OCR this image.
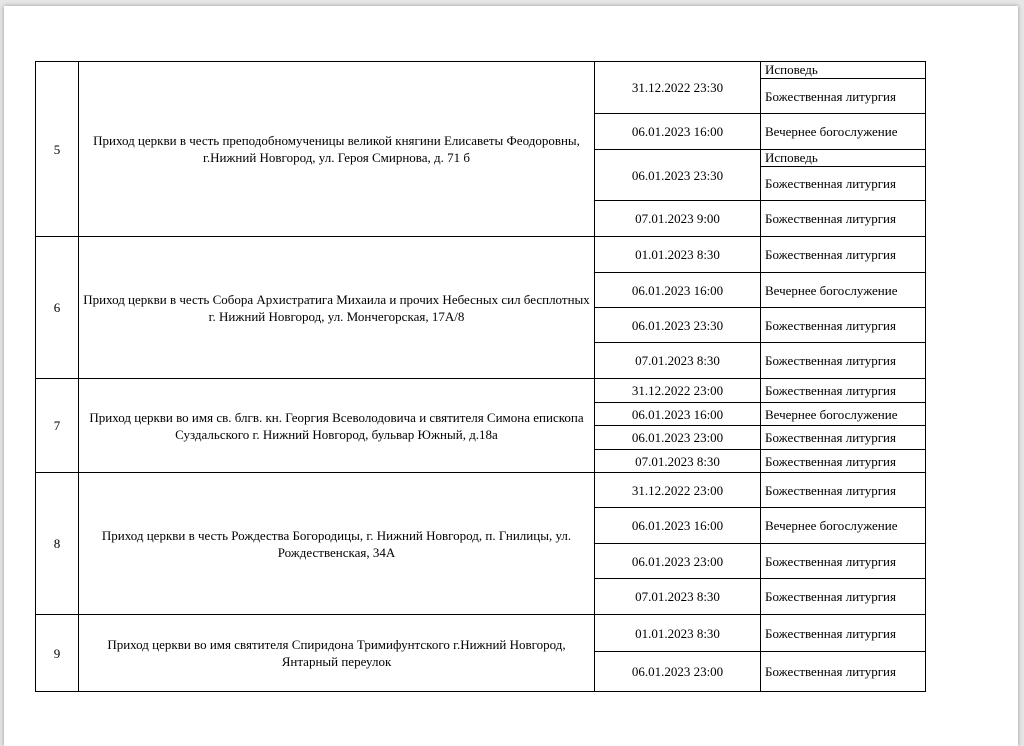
5	Приход церкви в честь преподобномученицы великой княгини Елисаветы Феодоровны, г.Нижний Новгород, ул. Героя Смирнова, д. 71 б	31.12.2022 23:30	Исповедь
			Божественная литургия
		06.01.2023 16:00	Вечернее богослужение
		06.01.2023 23:30	Исповедь
			Божественная литургия
		07.01.2023 9:00	Божественная литургия

6	Приход церкви в честь Собора Архистратига Михаила и прочих Небесных сил бесплотных г. Нижний Новгород, ул. Мончегорская, 17А/8	01.01.2023 8:30	Божественная литургия
		06.01.2023 16:00	Вечернее богослужение
		06.01.2023 23:30	Божественная литургия
		07.01.2023 8:30	Божественная литургия
7	Приход церкви во имя св. блгв. кн. Георгия Всеволодовича и святителя Симона епископа Суздальского г. Нижний Новгород, бульвар Южный, д.18а	31.12.2022 23:00	Божественная литургия
		06.01.2023 16:00	Вечернее богослужение
		06.01.2023 23:00	Божественная литургия
		07.01.2023 8:30	Божественная литургия
8	Приход церкви в честь Рождества Богородицы, г. Нижний Новгород, п. Гнилицы, ул. Рождественская, 34А	31.12.2022 23:00	Божественная литургия
		06.01.2023 16:00	Вечернее богослужение
		06.01.2023 23:00	Божественная литургия
		07.01.2023 8:30	Божественная литургия
9	Приход церкви во имя святителя Спиридона Тримифунтского г.Нижний Новгород, Янтарный переулок	01.01.2023 8:30	Божественная литургия
		06.01.2023 23:00	Божественная литургия
